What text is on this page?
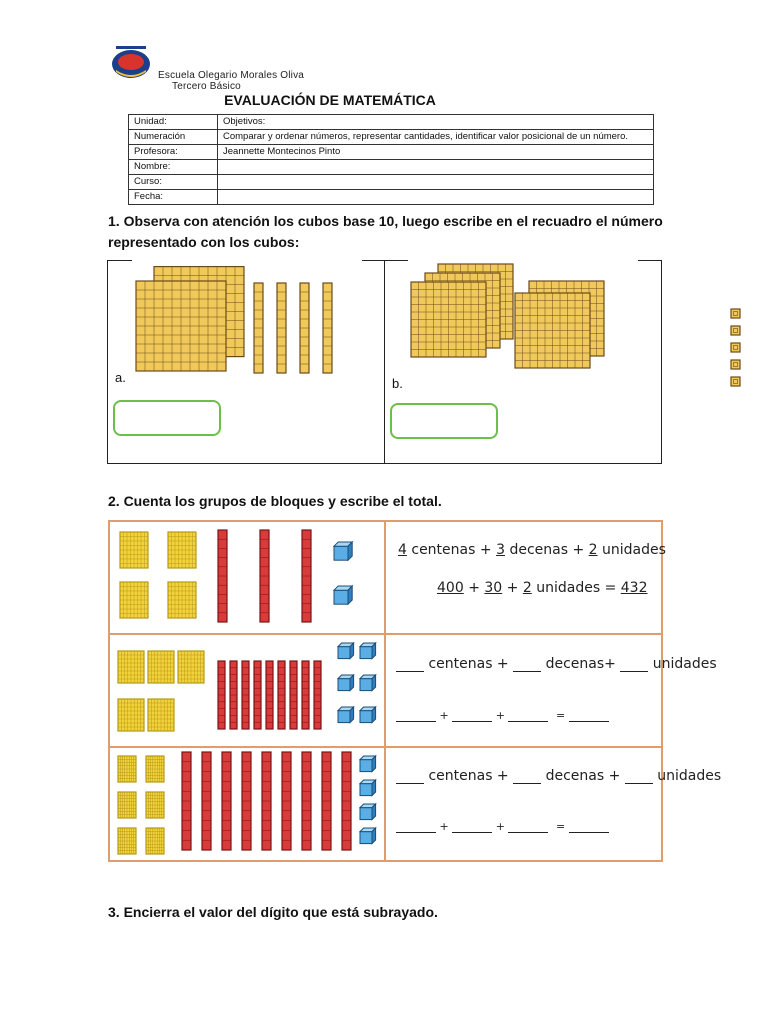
Escuela Olegario Morales Oliva
Tercero Básico
EVALUACIÓN DE MATEMÁTICA
Unidad:	Objetivos:
Numeración	Comparar y ordenar números, representar cantidades, identificar valor posicional de un número.
Profesora:	Jeannette Montecinos Pinto
Nombre:	
Curso:	
Fecha:	
1. Observa con atención los cubos base 10, luego escribe en el recuadro el número representado con los cubos:
a.	b.
2. Cuenta los grupos de bloques y escribe el total.
4 centenas + 3 decenas + 2 unidades
400 + 30 + 2 unidades = 432
centenas +	decenas+	unidades
+	+	=
centenas +	decenas +	unidades
+	+	=
3. Encierra el valor del dígito que está subrayado.
